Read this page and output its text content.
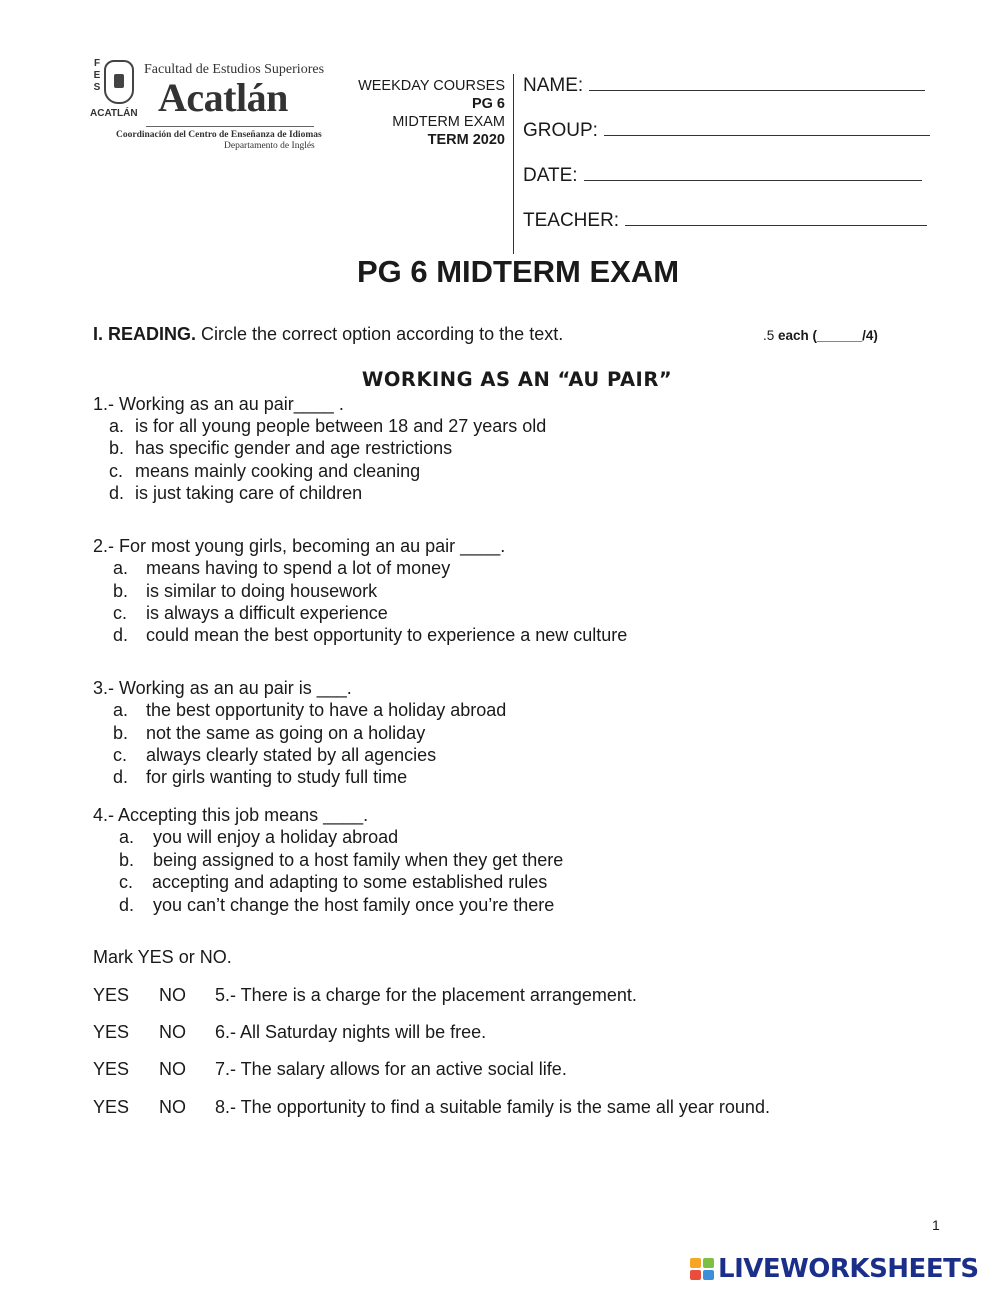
F
E
S
ACATLÁN
Facultad de Estudios Superiores
Acatlán
Coordinación del Centro de Enseñanza de Idiomas
Departamento de Inglés
WEEKDAY COURSES
PG 6
MIDTERM EXAM
TERM 2020
NAME:
GROUP:
DATE:
TEACHER:
PG 6 MIDTERM EXAM
I. READING. Circle the correct option according to the text.	.5 each (______/4)
WORKING AS AN “AU PAIR”
1.- Working as an au pair____ .
a. is for all young people between 18 and 27 years old
b. has specific gender and age restrictions
c. means mainly cooking and cleaning
d. is just taking care of children
2.- For most young girls, becoming an au pair ____.
a. means having to spend a lot of money
b. is similar to doing housework
c. is always a difficult experience
d. could mean the best opportunity to experience a new culture
3.- Working as an au pair is ___.
a. the best opportunity to have a holiday abroad
b. not the same as going on a holiday
c. always clearly stated by all agencies
d. for girls wanting to study full time
4.- Accepting this job means ____.
a. you will enjoy a holiday abroad
b. being assigned to a host family when they get there
c. accepting and adapting to some established rules
d. you can’t change the host family once you’re there
Mark YES or NO.
YES NO 5.- There is a charge for the placement arrangement.
YES NO 6.- All Saturday nights will be free.
YES NO 7.- The salary allows for an active social life.
YES NO 8.- The opportunity to find a suitable family is the same all year round.
1
LIVEWORKSHEETS
